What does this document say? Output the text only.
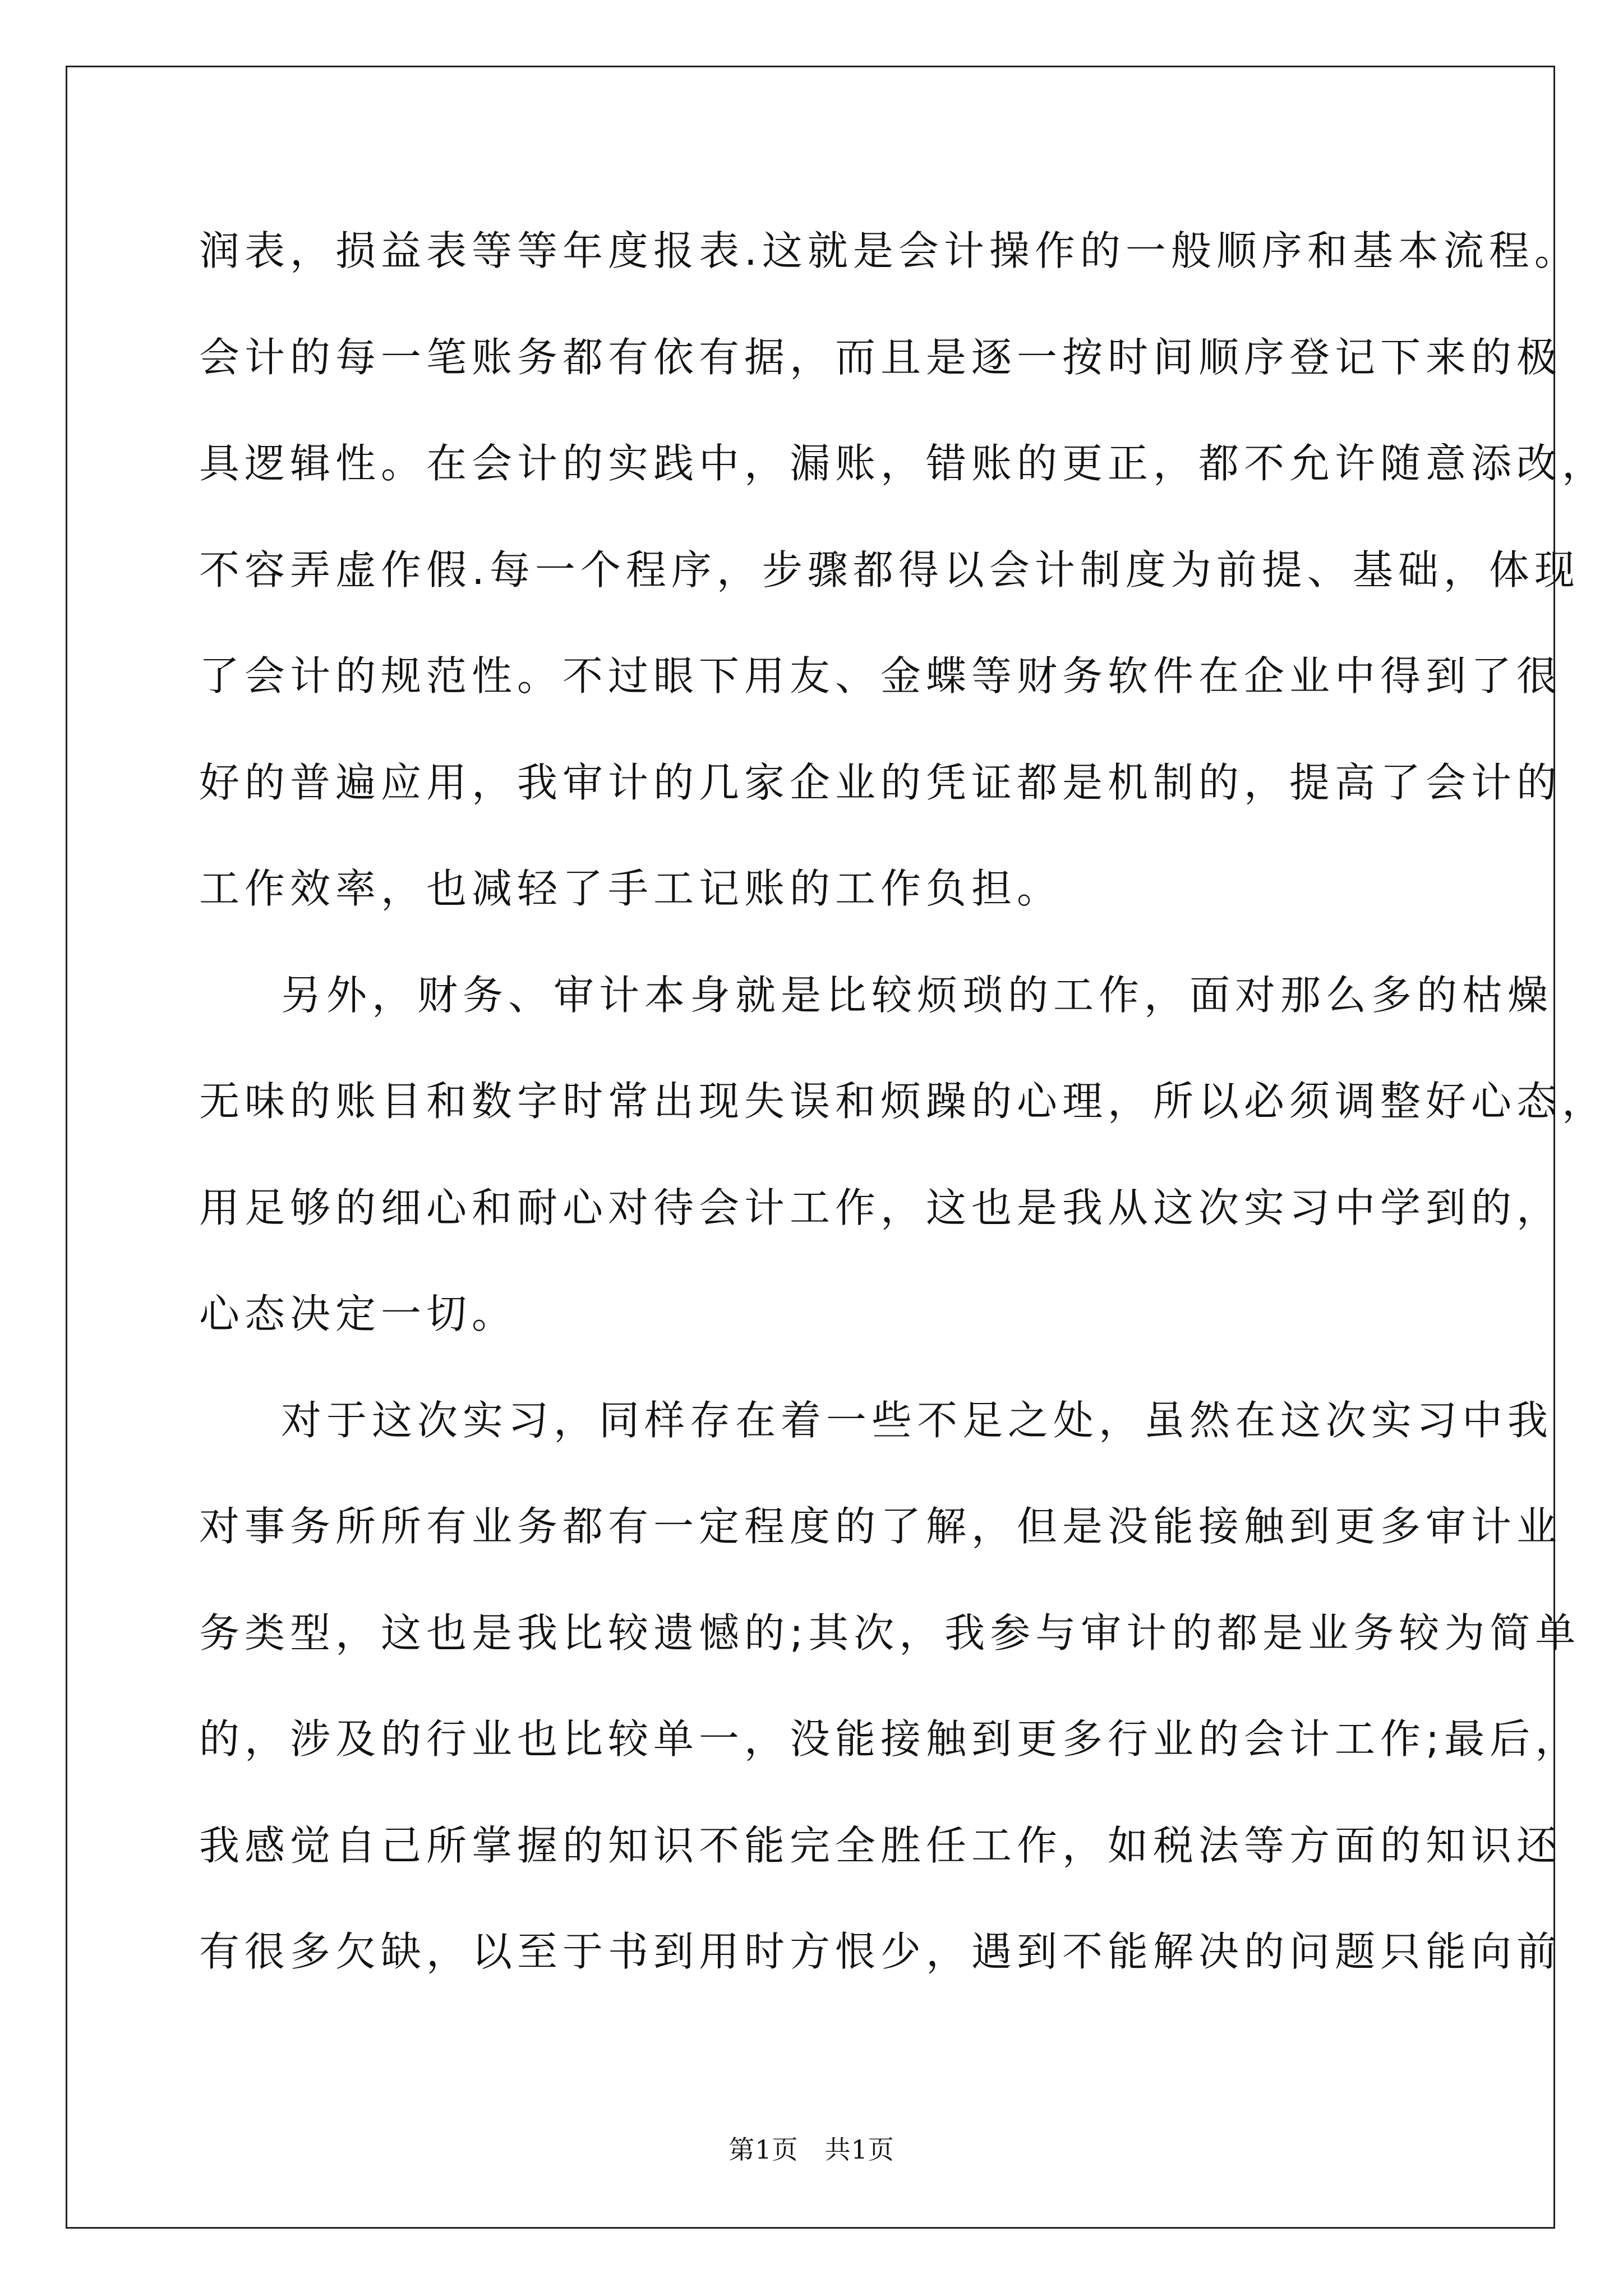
润表，损益表等等年度报表.这就是会计操作的一般顺序和基本流程。
会计的每一笔账务都有依有据，而且是逐一按时间顺序登记下来的极
具逻辑性。在会计的实践中，漏账，错账的更正，都不允许随意添改，
不容弄虚作假.每一个程序，步骤都得以会计制度为前提、基础，体现
了会计的规范性。不过眼下用友、金蝶等财务软件在企业中得到了很
好的普遍应用，我审计的几家企业的凭证都是机制的，提高了会计的
工作效率，也减轻了手工记账的工作负担。
另外，财务、审计本身就是比较烦琐的工作，面对那么多的枯燥
无味的账目和数字时常出现失误和烦躁的心理，所以必须调整好心态，
用足够的细心和耐心对待会计工作，这也是我从这次实习中学到的，
心态决定一切。
对于这次实习，同样存在着一些不足之处，虽然在这次实习中我
对事务所所有业务都有一定程度的了解，但是没能接触到更多审计业
务类型，这也是我比较遗憾的;其次，我参与审计的都是业务较为简单
的，涉及的行业也比较单一，没能接触到更多行业的会计工作;最后，
我感觉自己所掌握的知识不能完全胜任工作，如税法等方面的知识还
有很多欠缺，以至于书到用时方恨少，遇到不能解决的问题只能向前
第1页　共1页
